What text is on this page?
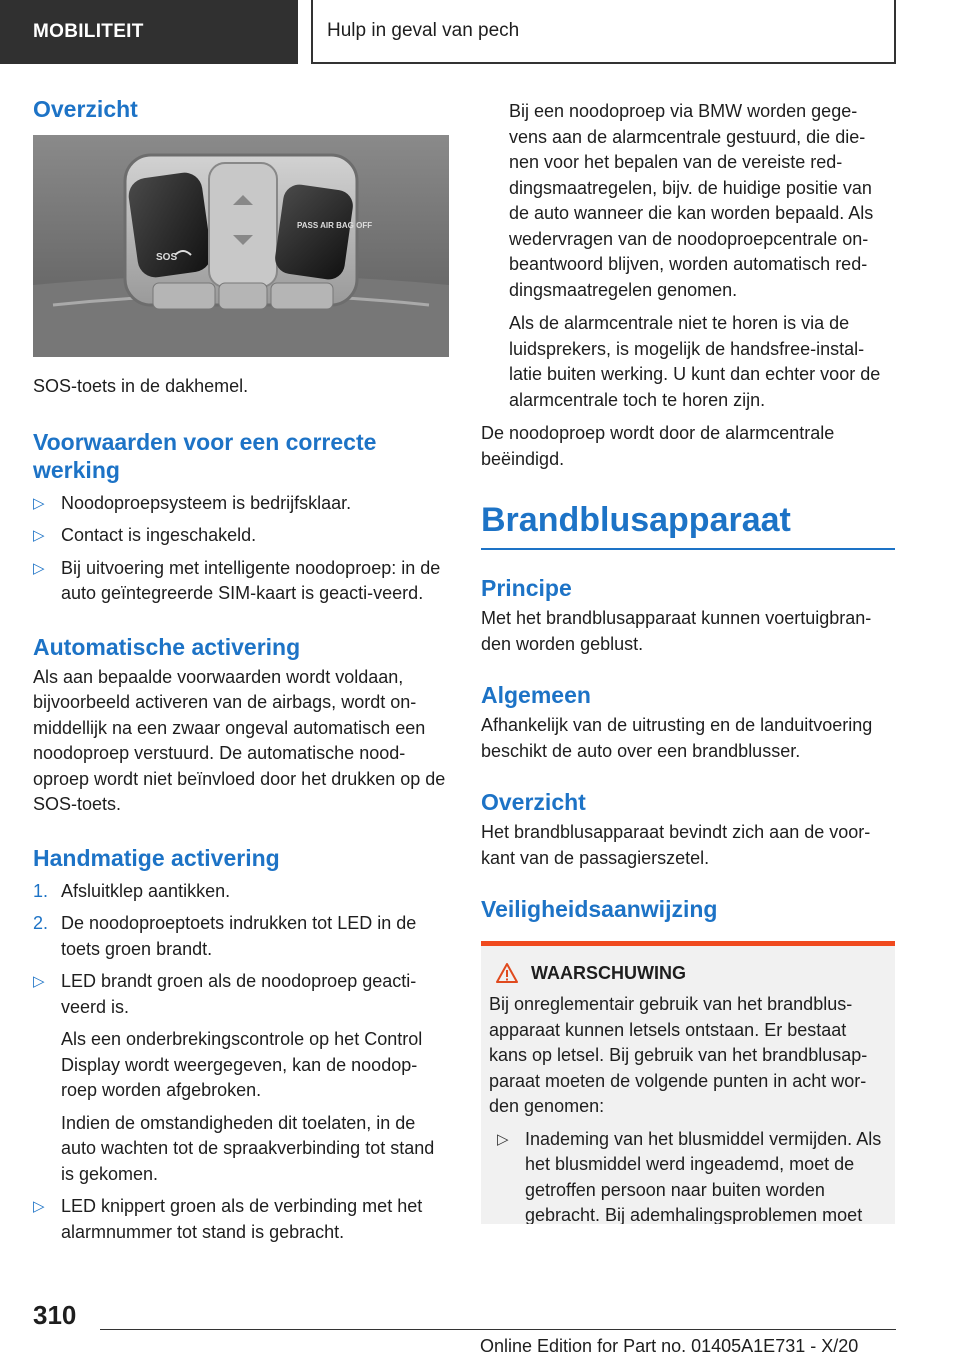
MOBILITEIT	Hulp in geval van pech
Overzicht
SOS
PASS AIR BAG OFF

SOS-toets in de dakhemel.

Voorwaarden voor een correcte werking
▷ Noodoproepsysteem is bedrijfsklaar.
▷ Contact is ingeschakeld.
▷ Bij uitvoering met intelligente noodoproep: in de auto geïntegreerde SIM-kaart is geacti-veerd.
Automatische activering

Als aan bepaalde voorwaarden wordt voldaan, bijvoorbeeld activeren van de airbags, wordt on-middellijk na een zwaar ongeval automatisch een noodoproep verstuurd. De automatische nood-oproep wordt niet beïnvloed door het drukken op de SOS-toets.

Handmatige activering
1. Afsluitklep aantikken.
2. De noodoproeptoets indrukken tot LED in de toets groen brandt.
▷ LED brandt groen als de noodoproep geacti-veerd is.

Als een onderbrekingscontrole op het Control Display wordt weergegeven, kan de noodop-roep worden afgebroken.

Indien de omstandigheden dit toelaten, in de auto wachten tot de spraakverbinding tot stand is gekomen.

▷ LED knippert groen als de verbinding met het alarmnummer tot stand is gebracht.

Bij een noodoproep via BMW worden gege-vens aan de alarmcentrale gestuurd, die die-nen voor het bepalen van de vereiste red-dingsmaatregelen, bijv. de huidige positie van de auto wanneer die kan worden bepaald. Als wedervragen van de noodoproepcentrale on-beantwoord blijven, worden automatisch red-dingsmaatregelen genomen.

Als de alarmcentrale niet te horen is via de luidsprekers, is mogelijk de handsfree-instal-latie buiten werking. U kunt dan echter voor de alarmcentrale toch te horen zijn.

De noodoproep wordt door de alarmcentrale beëindigd.

Brandblusapparaat
Principe

Met het brandblusapparaat kunnen voertuigbran-den worden geblust.

Algemeen

Afhankelijk van de uitrusting en de landuitvoering beschikt de auto over een brandblusser.

Overzicht

Het brandblusapparaat bevindt zich aan de voor-kant van de passagierszetel.

Veiligheidsaanwijzing
WAARSCHUWING

Bij onreglementair gebruik van het brandblus-apparaat kunnen letsels ontstaan. Er bestaat kans op letsel. Bij gebruik van het brandblusap-paraat moeten de volgende punten in acht wor-den genomen:

▷ Inademing van het blusmiddel vermijden. Als het blusmiddel werd ingeademd, moet de getroffen persoon naar buiten worden gebracht. Bij ademhalingsproblemen moet
310
Online Edition for Part no. 01405A1E731 - X/20
